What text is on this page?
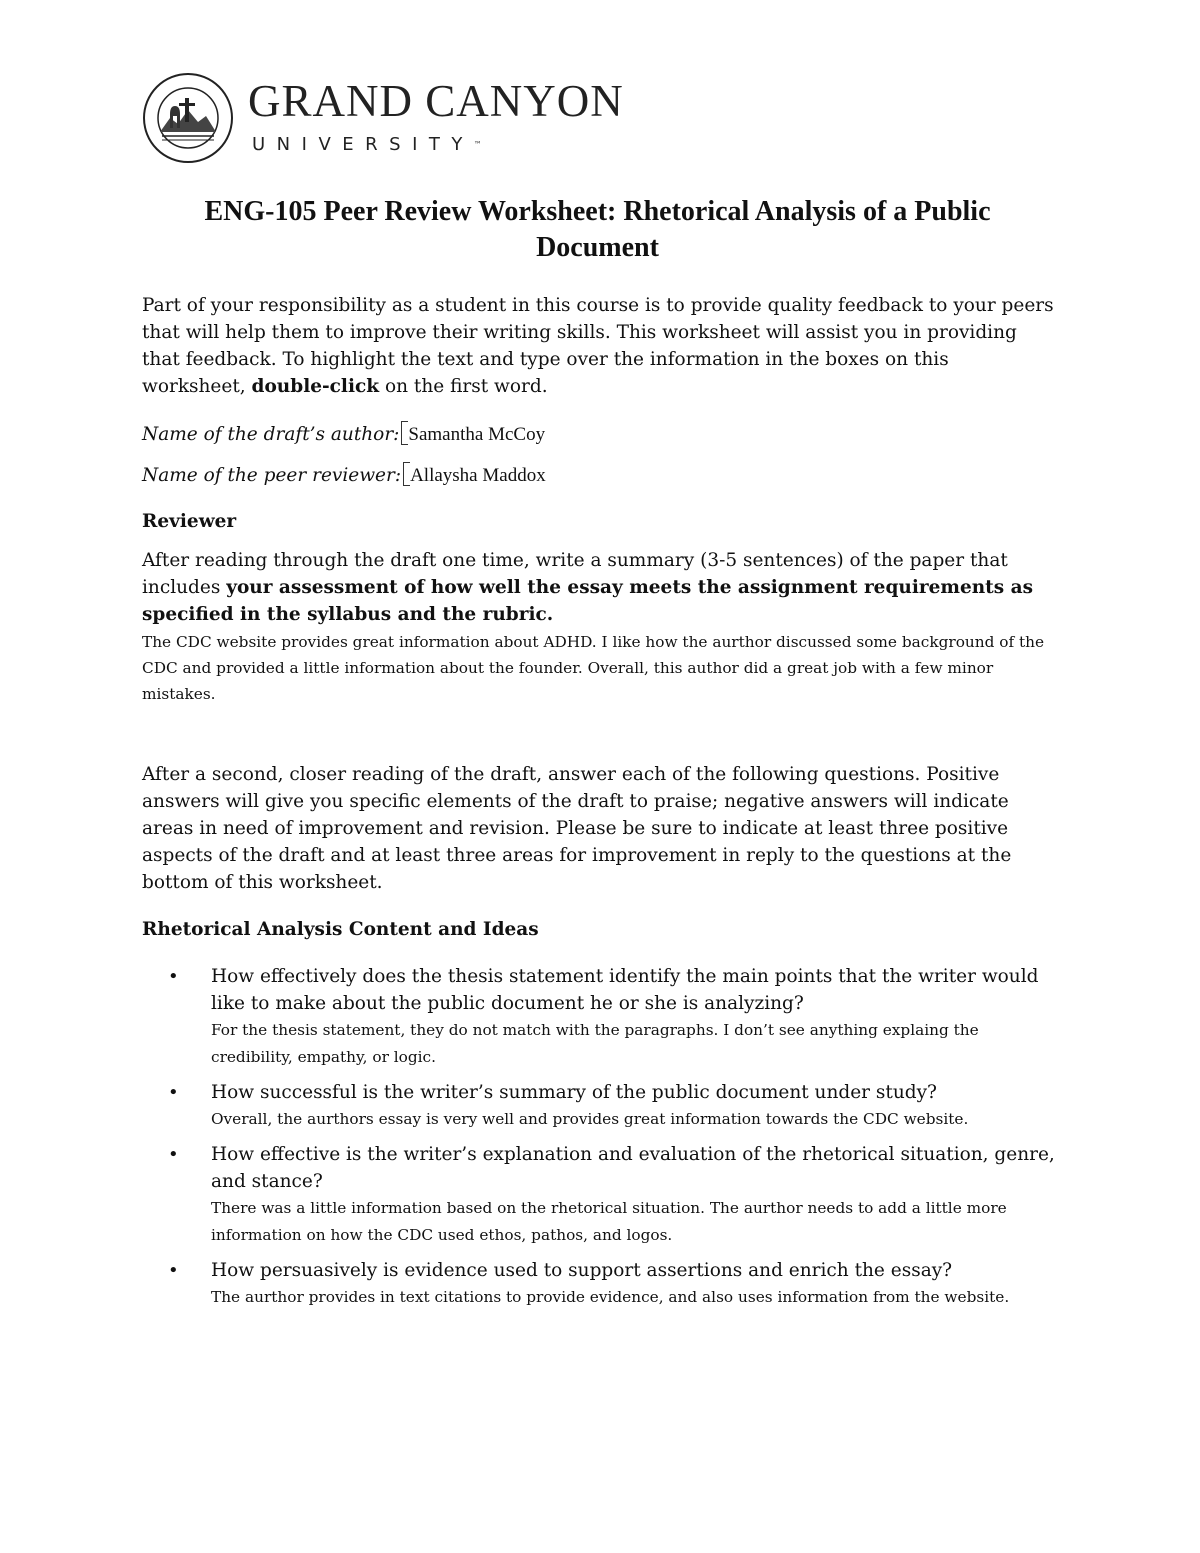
GRAND CANYON
UNIVERSITY™
ENG-105 Peer Review Worksheet: Rhetorical Analysis of a Public Document

Part of your responsibility as a student in this course is to provide quality feedback to your peers that will help them to improve their writing skills. This worksheet will assist you in providing that feedback. To highlight the text and type over the information in the boxes on this worksheet, double-click on the first word.

Name of the draft’s author: Samantha McCoy
Name of the peer reviewer: Allaysha Maddox
Reviewer

After reading through the draft one time, write a summary (3-5 sentences) of the paper that includes your assessment of how well the essay meets the assignment requirements as specified in the syllabus and the rubric.

The CDC website provides great information about ADHD. I like how the aurthor discussed some background of the CDC and provided a little information about the founder. Overall, this author did a great job with a few minor mistakes.

After a second, closer reading of the draft, answer each of the following questions. Positive answers will give you specific elements of the draft to praise; negative answers will indicate areas in need of improvement and revision. Please be sure to indicate at least three positive aspects of the draft and at least three areas for improvement in reply to the questions at the bottom of this worksheet.

Rhetorical Analysis Content and Ideas
• How effectively does the thesis statement identify the main points that the writer would like to make about the public document he or she is analyzing?

For the thesis statement, they do not match with the paragraphs. I don’t see anything explaing the credibility, empathy, or logic.

• How successful is the writer’s summary of the public document under study?

Overall, the aurthors essay is very well and provides great information towards the CDC website.

• How effective is the writer’s explanation and evaluation of the rhetorical situation, genre, and stance?

There was a little information based on the rhetorical situation. The aurthor needs to add a little more information on how the CDC used ethos, pathos, and logos.

• How persuasively is evidence used to support assertions and enrich the essay?

The aurthor provides in text citations to provide evidence, and also uses information from the website.
